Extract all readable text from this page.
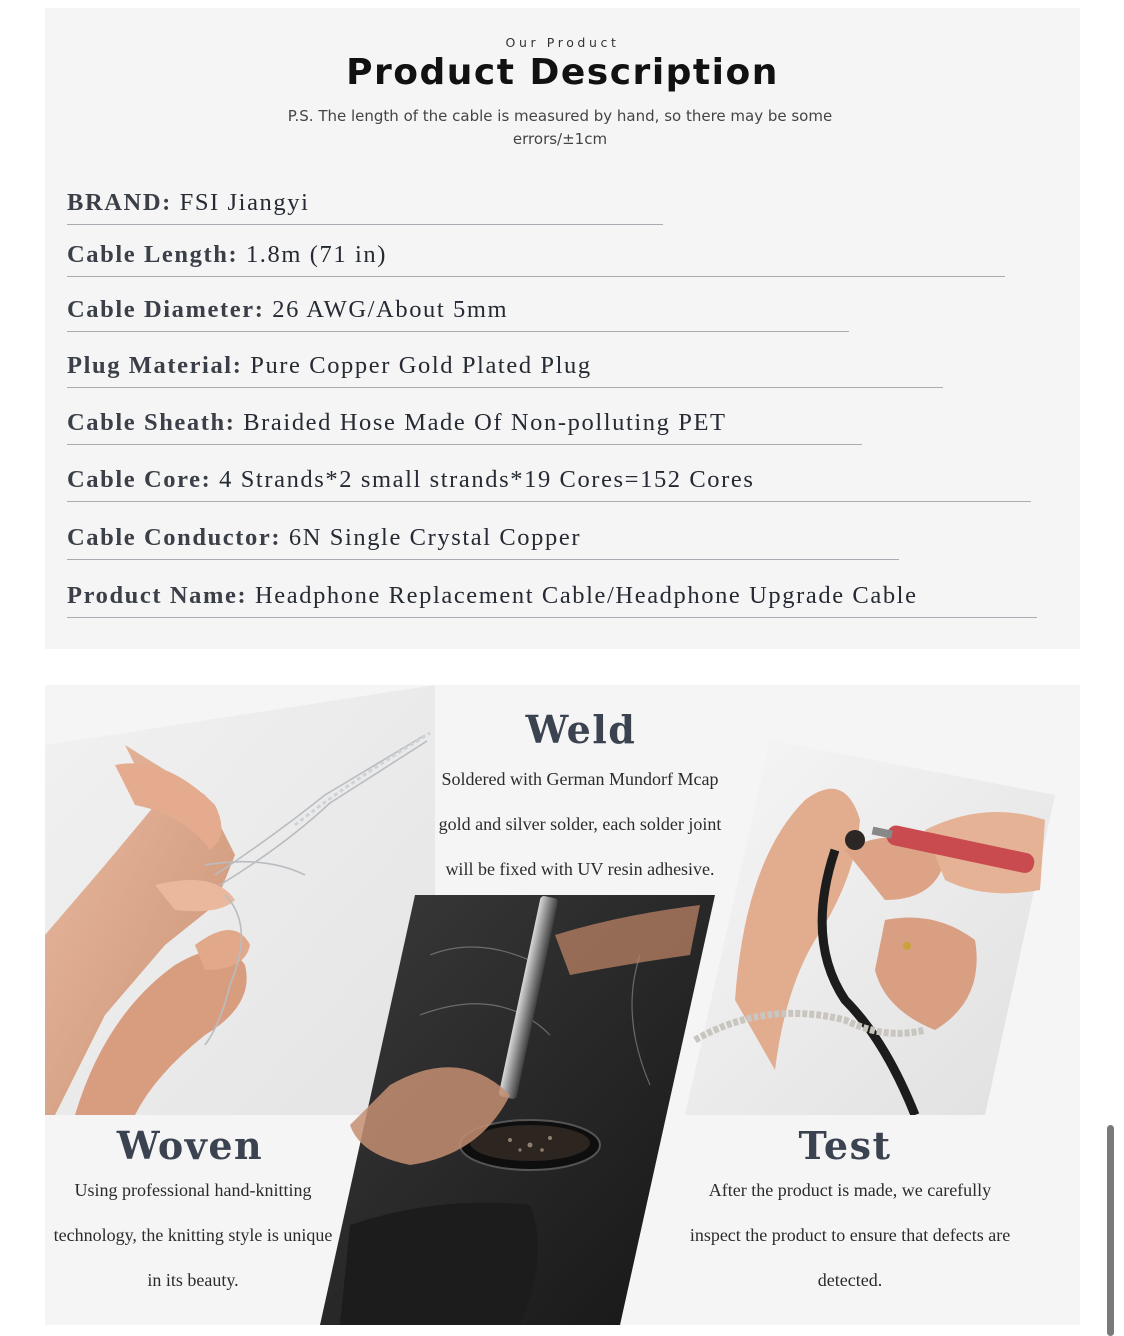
Our Product
Product Description

P.S. The length of the cable is measured by hand, so there may be some errors/±1cm

BRAND: FSI Jiangyi
Cable Length: 1.8m (71 in)
Cable Diameter: 26 AWG/About 5mm
Plug Material: Pure Copper Gold Plated Plug
Cable Sheath: Braided Hose Made Of Non-polluting PET
Cable Core: 4 Strands*2 small strands*19 Cores=152 Cores
Cable Conductor: 6N Single Crystal Copper
Product Name: Headphone Replacement Cable/Headphone Upgrade Cable
Weld
Soldered with German Mundorf Mcap
gold and silver solder, each solder joint
will be fixed with UV resin adhesive.
Woven
Using professional hand-knitting
technology, the knitting style is unique
in its beauty.
Test
After the product is made, we carefully
inspect the product to ensure that defects are
detected.
